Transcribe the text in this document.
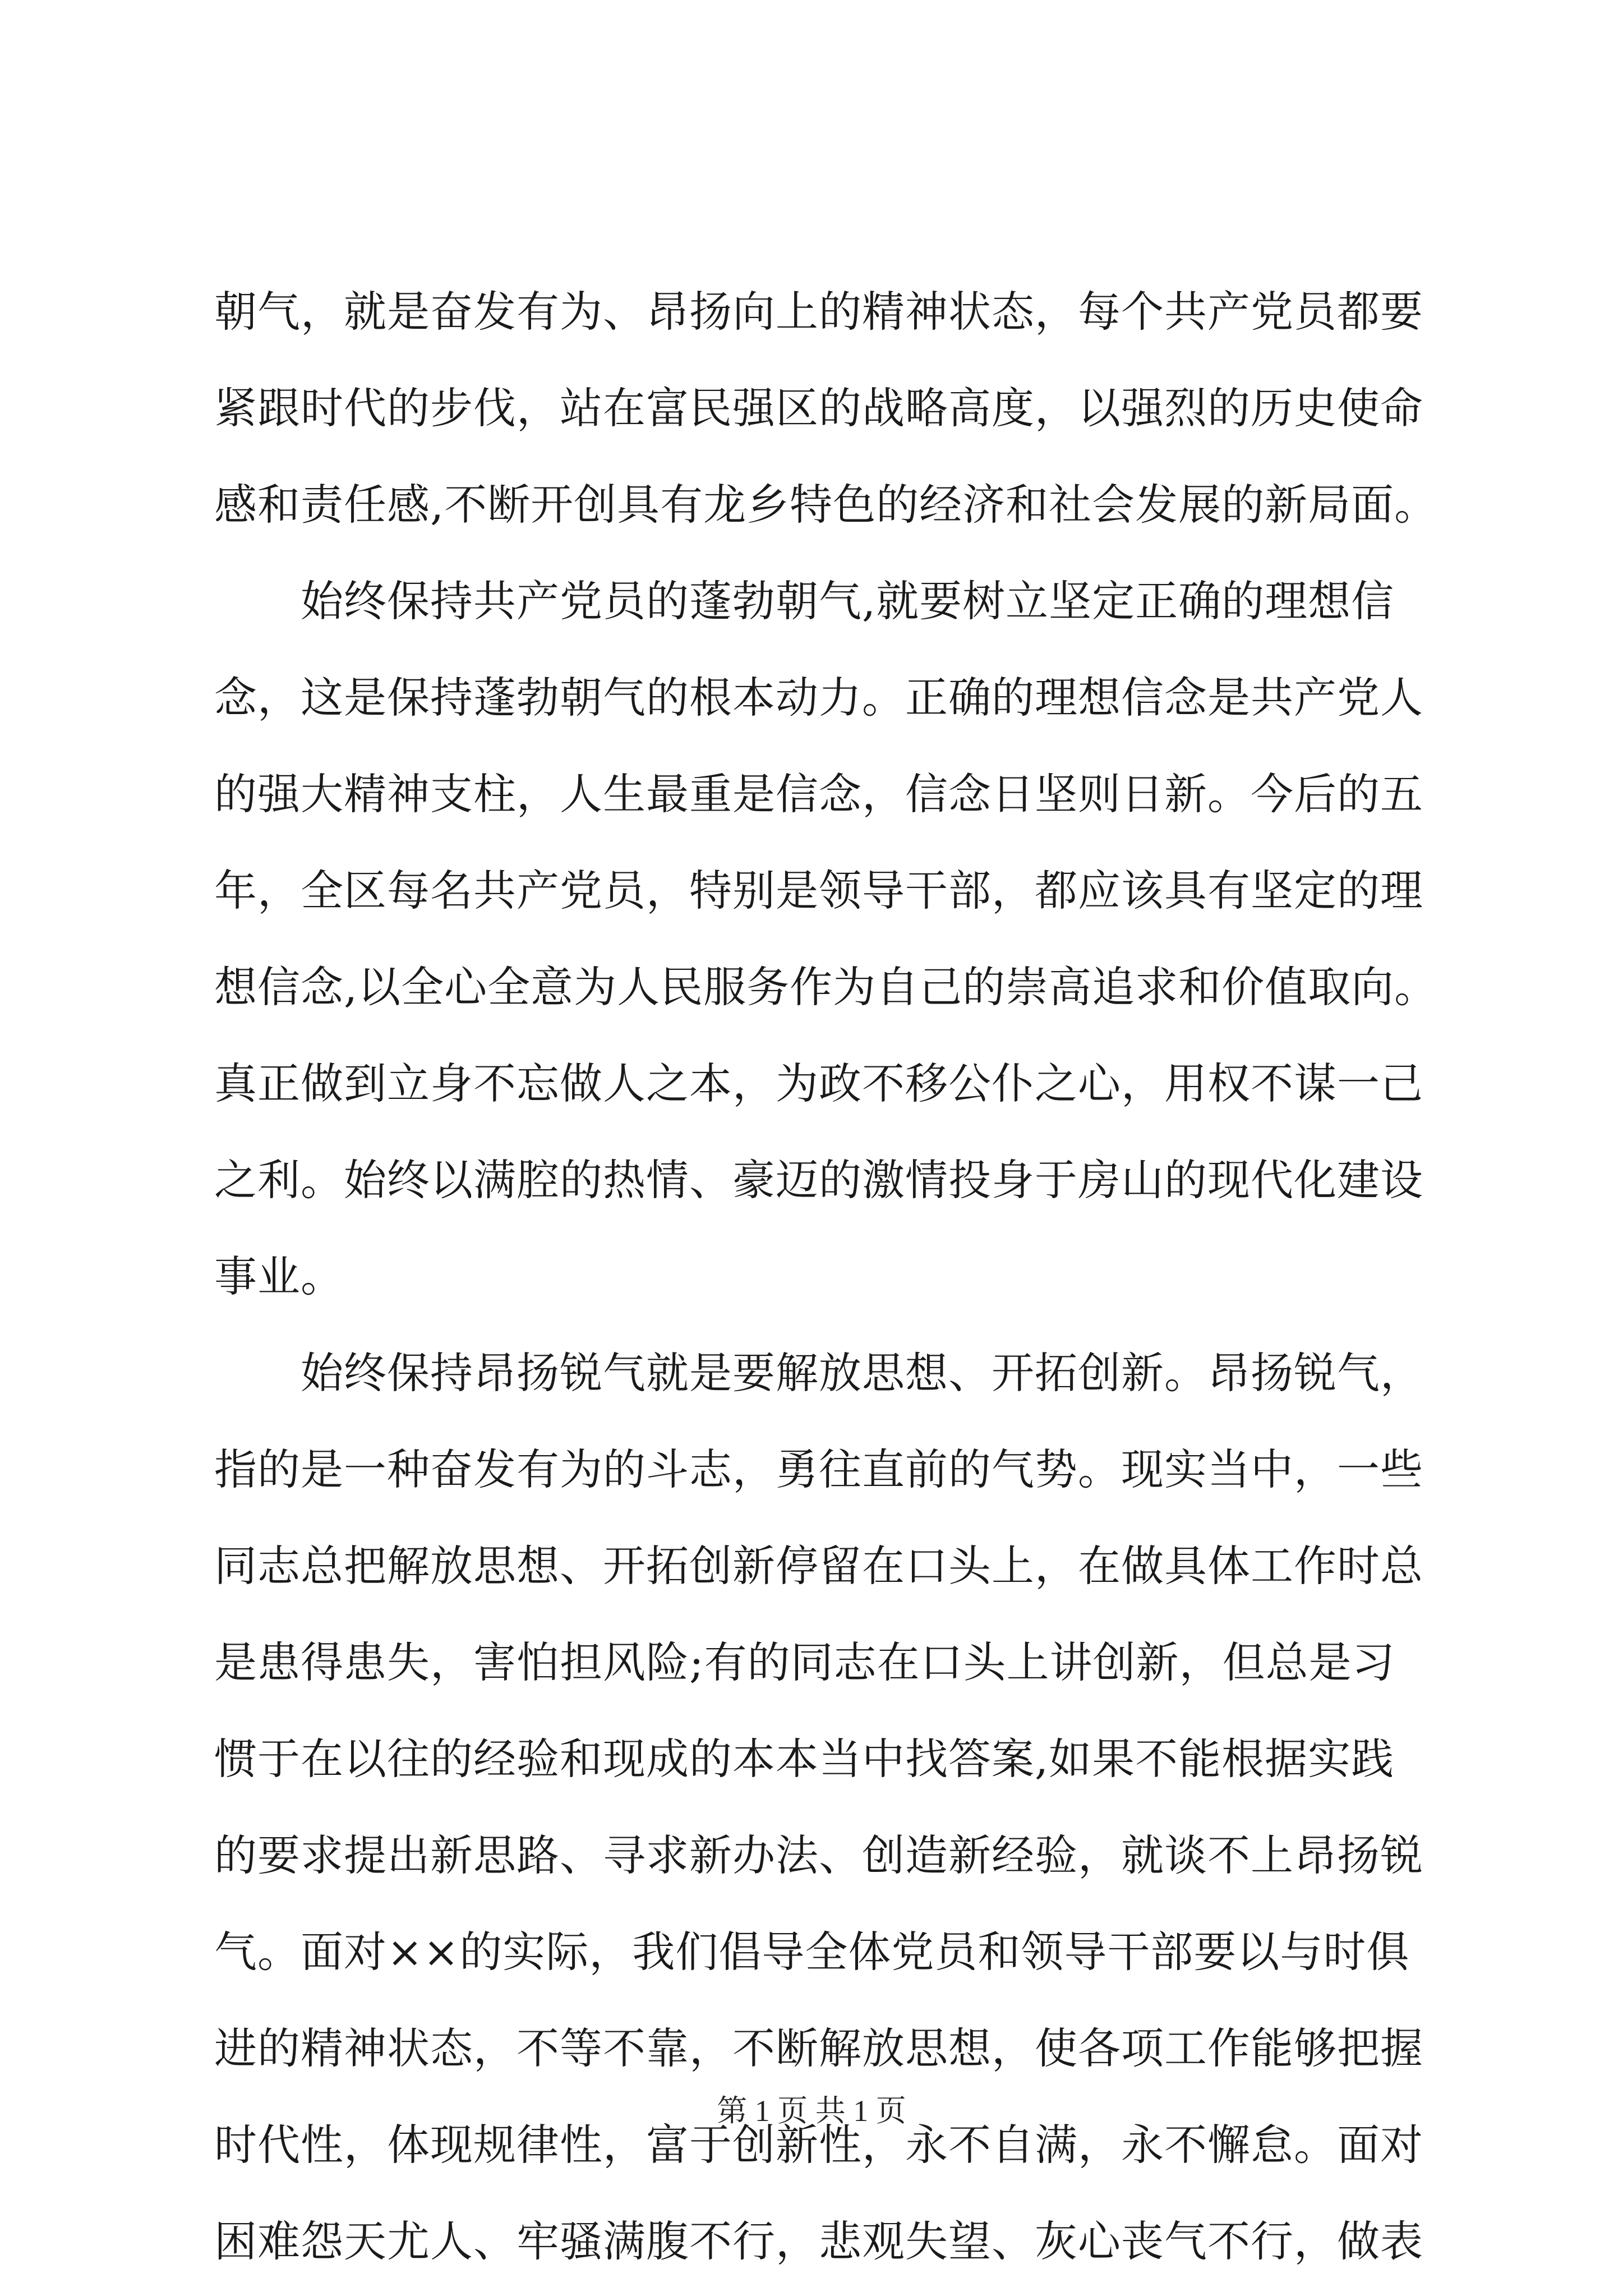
朝气，就是奋发有为、昂扬向上的精神状态，每个共产党员都要
紧跟时代的步伐，站在富民强区的战略高度，以强烈的历史使命
感和责任感,不断开创具有龙乡特色的经济和社会发展的新局面。
　　始终保持共产党员的蓬勃朝气,就要树立坚定正确的理想信
念，这是保持蓬勃朝气的根本动力。正确的理想信念是共产党人
的强大精神支柱，人生最重是信念，信念日坚则日新。今后的五
年，全区每名共产党员，特别是领导干部，都应该具有坚定的理
想信念,以全心全意为人民服务作为自己的崇高追求和价值取向。
真正做到立身不忘做人之本，为政不移公仆之心，用权不谋一己
之利。始终以满腔的热情、豪迈的激情投身于房山的现代化建设
事业。
　　始终保持昂扬锐气就是要解放思想、开拓创新。昂扬锐气，
指的是一种奋发有为的斗志，勇往直前的气势。现实当中，一些
同志总把解放思想、开拓创新停留在口头上，在做具体工作时总
是患得患失，害怕担风险;有的同志在口头上讲创新，但总是习
惯于在以往的经验和现成的本本当中找答案,如果不能根据实践
的要求提出新思路、寻求新办法、创造新经验，就谈不上昂扬锐
气。面对××的实际，我们倡导全体党员和领导干部要以与时俱
进的精神状态，不等不靠，不断解放思想，使各项工作能够把握
时代性，体现规律性，富于创新性，永不自满，永不懈怠。面对
困难怨天尤人、牢骚满腹不行，悲观失望、灰心丧气不行，做表
第 1 页 共 1 页
